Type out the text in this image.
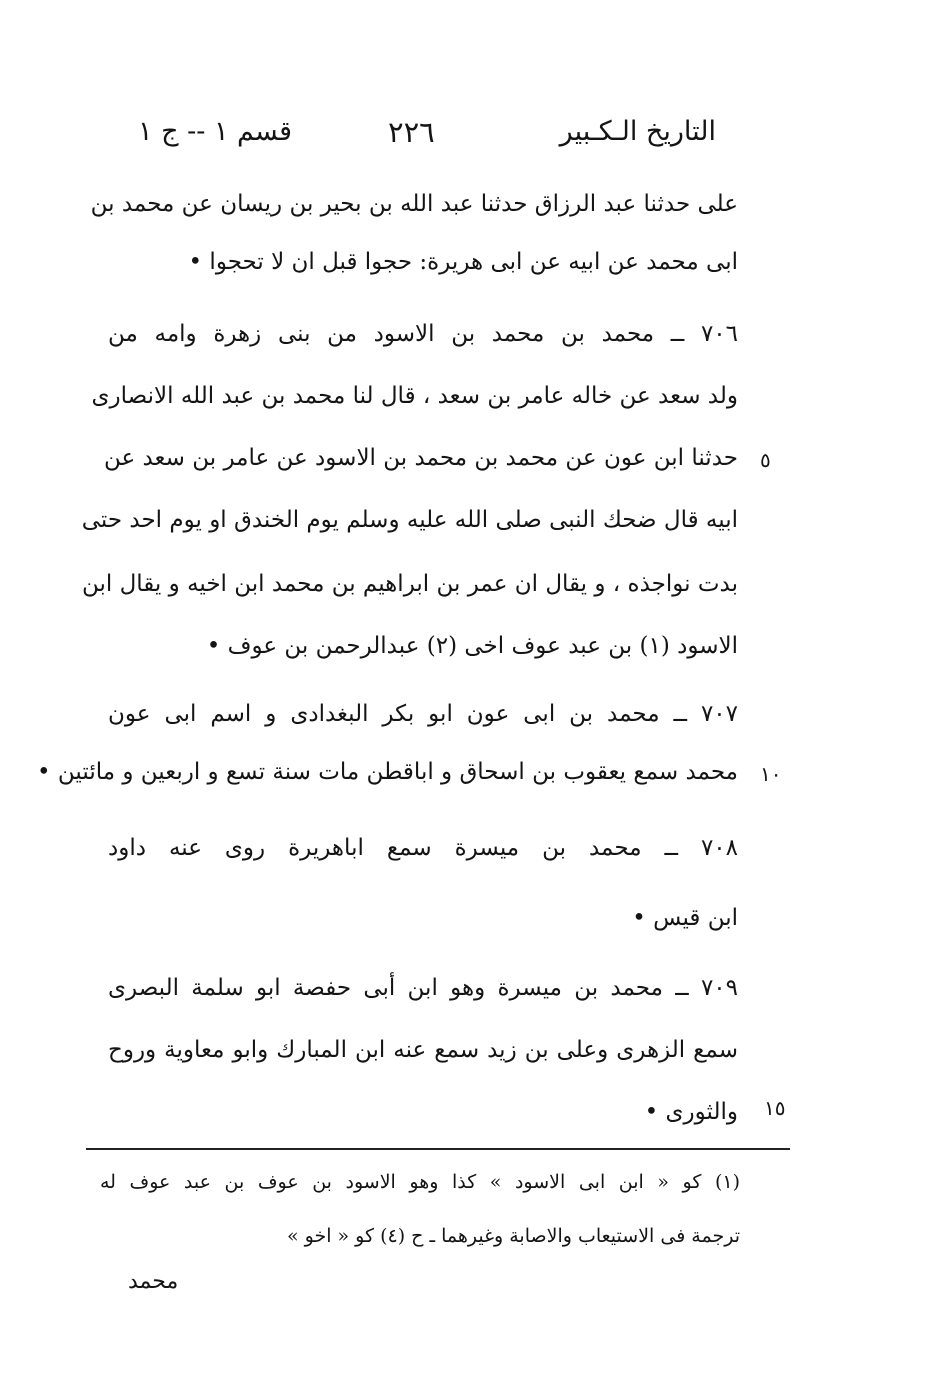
التاريخ الـكـبير
٢٢٦
قسم ١ -- ج ١
على حدثنا عبد الرزاق حدثنا عبد الله بن بحير بن ريسان عن محمد بن
ابى محمد عن ابيه عن ابى هريرة: حجوا قبل ان لا تحجوا •
٧٠٦ ــ محمد بن محمد بن الاسود من بنى زهرة وامه من
ولد سعد عن خاله عامر بن سعد ، قال لنا محمد بن عبد الله الانصارى
حدثنا ابن عون عن محمد بن محمد بن الاسود عن عامر بن سعد عن
ابيه قال ضحك النبى صلى الله عليه وسلم يوم الخندق او يوم احد حتى
بدت نواجذه ، و يقال ان عمر بن ابراهيم بن محمد ابن اخيه و يقال ابن
الاسود (١) بن عبد عوف اخى (٢) عبدالرحمن بن عوف •
٧٠٧ ــ محمد بن ابى عون ابو بكر البغدادى و اسم ابى عون
محمد سمع يعقوب بن اسحاق و اباقطن مات سنة تسع و اربعين و مائتين •
٧٠٨ ــ محمد بن ميسرة سمع اباهريرة روى عنه داود
ابن قيس •
٧٠٩ ــ محمد بن ميسرة وهو ابن أبى حفصة ابو سلمة البصرى
سمع الزهرى وعلى بن زيد سمع عنه ابن المبارك وابو معاوية وروح
والثورى •
٥
١٠
١٥
(١) كو « ابن ابى الاسود » كذا وهو الاسود بن عوف بن عبد عوف له
ترجمة فى الاستيعاب والاصابة وغيرهما ـ ح (٤) كو « اخو »
محمد
